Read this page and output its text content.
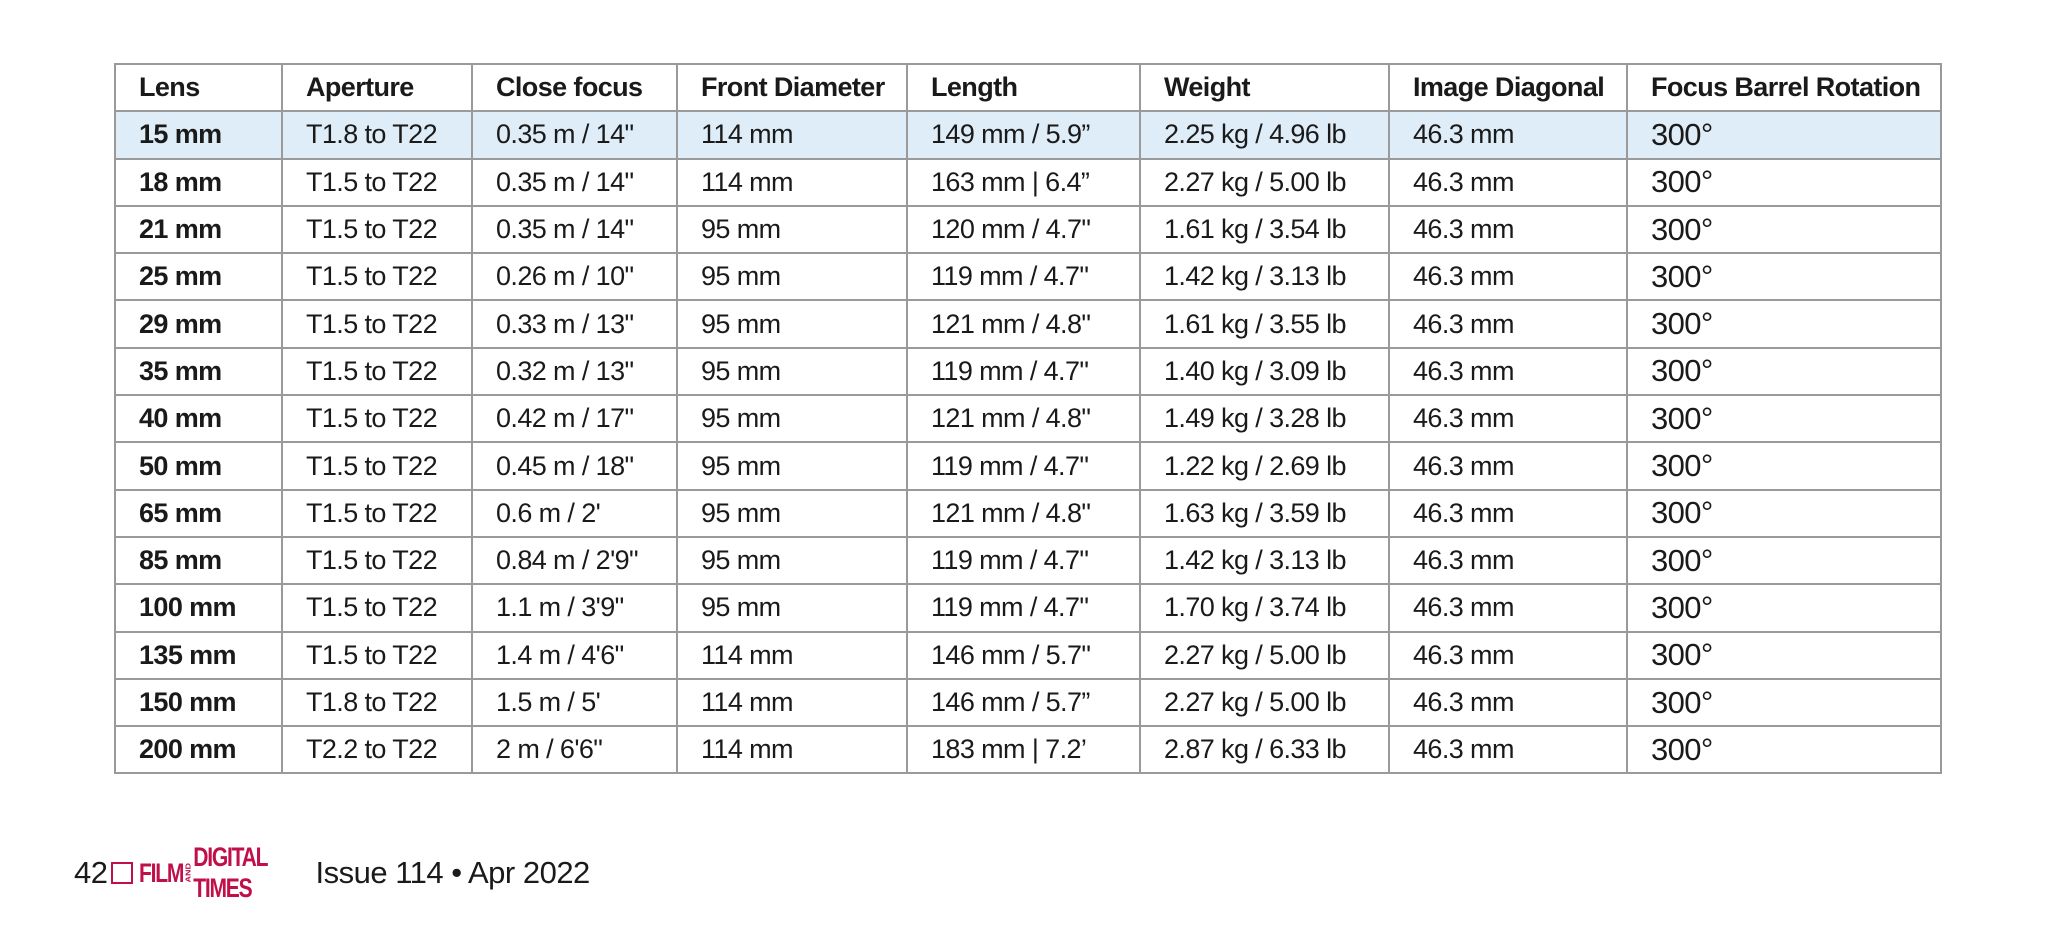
Lens	Aperture	Close focus	Front Diameter	Length	Weight	Image Diagonal	Focus Barrel Rotation
15 mm	T1.8 to T22	0.35 m / 14"	114 mm	149 mm / 5.9”	2.25 kg / 4.96 lb	46.3 mm	300°
18 mm	T1.5 to T22	0.35 m / 14"	114 mm	163 mm | 6.4”	2.27 kg / 5.00 lb	46.3 mm	300°
21 mm	T1.5 to T22	0.35 m / 14"	95 mm	120 mm / 4.7"	1.61 kg / 3.54 lb	46.3 mm	300°
25 mm	T1.5 to T22	0.26 m / 10"	95 mm	119 mm / 4.7"	1.42 kg / 3.13 lb	46.3 mm	300°
29 mm	T1.5 to T22	0.33 m / 13"	95 mm	121 mm / 4.8"	1.61 kg / 3.55 lb	46.3 mm	300°
35 mm	T1.5 to T22	0.32 m / 13"	95 mm	119 mm / 4.7"	1.40 kg / 3.09 lb	46.3 mm	300°
40 mm	T1.5 to T22	0.42 m / 17"	95 mm	121 mm / 4.8"	1.49 kg / 3.28 lb	46.3 mm	300°
50 mm	T1.5 to T22	0.45 m / 18"	95 mm	119 mm / 4.7"	1.22 kg / 2.69 lb	46.3 mm	300°
65 mm	T1.5 to T22	0.6 m / 2'	95 mm	121 mm / 4.8"	1.63 kg / 3.59 lb	46.3 mm	300°
85 mm	T1.5 to T22	0.84 m / 2'9"	95 mm	119 mm / 4.7"	1.42 kg / 3.13 lb	46.3 mm	300°
100 mm	T1.5 to T22	1.1 m / 3'9"	95 mm	119 mm / 4.7"	1.70 kg / 3.74 lb	46.3 mm	300°
135 mm	T1.5 to T22	1.4 m / 4'6"	114 mm	146 mm / 5.7"	2.27 kg / 5.00 lb	46.3 mm	300°
150 mm	T1.8 to T22	1.5 m / 5'	114 mm	146 mm / 5.7”	2.27 kg / 5.00 lb	46.3 mm	300°
200 mm	T2.2 to T22	2 m / 6'6"	114 mm	183 mm | 7.2’	2.87 kg / 6.33 lb	46.3 mm	300°
42 FILM AND
DIGITAL TIMES	Issue 114 • Apr 2022
